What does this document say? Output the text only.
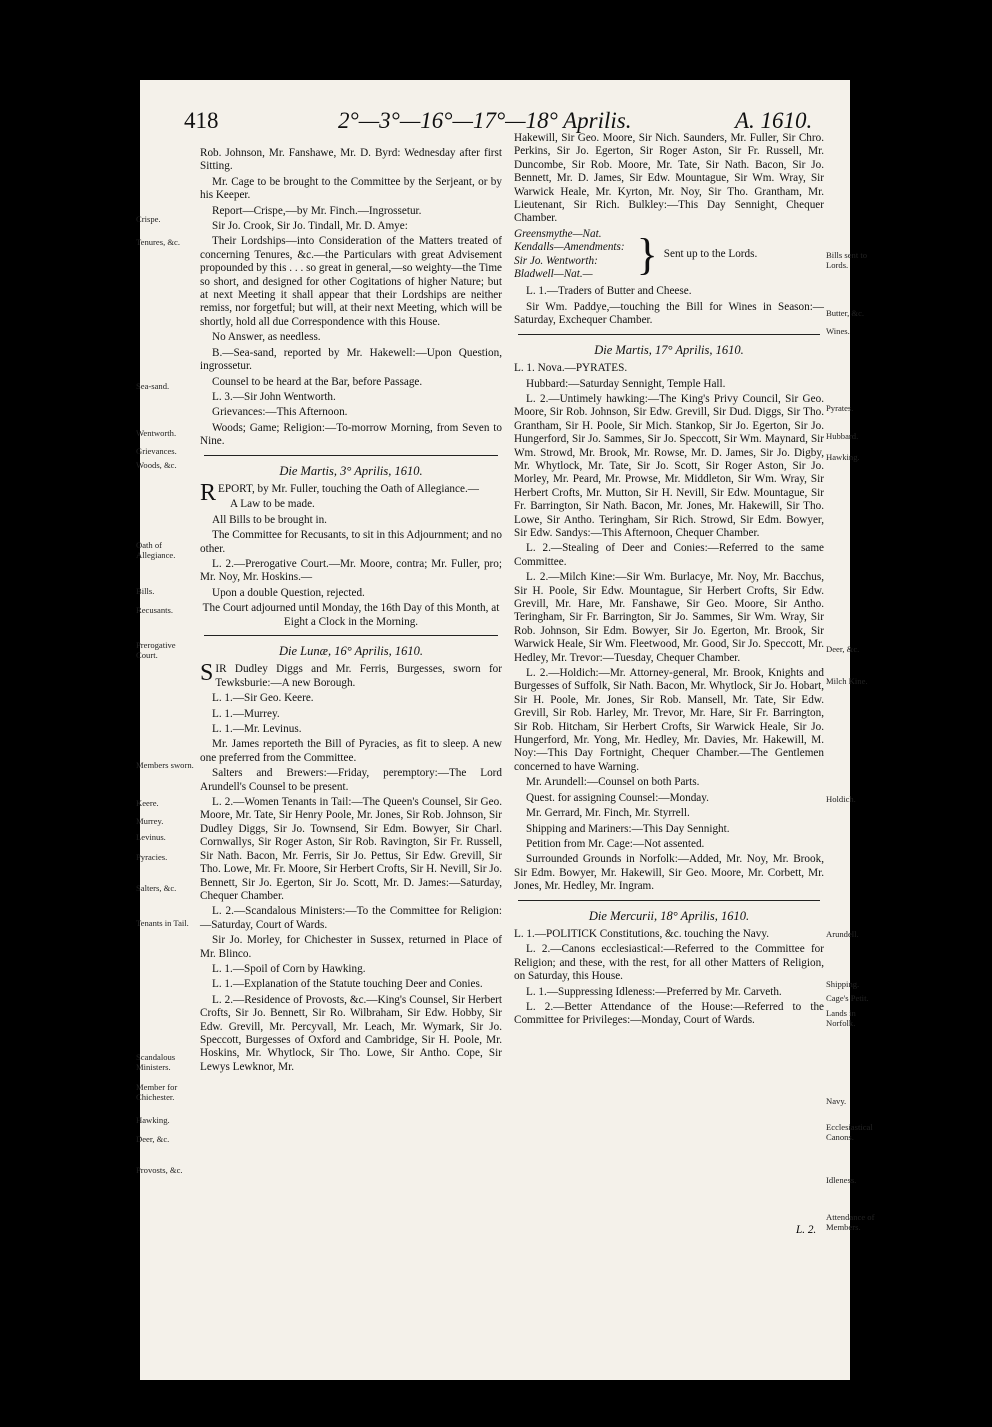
418	2°—3°—16°—17°—18° Aprilis.	A. 1610.
Crispe.
Tenures, &c.
Sea-sand.
Wentworth.
Grievances.
Woods, &c.
Oath of Allegiance.
Bills.
Recusants.
Prerogative Court.
Members sworn.
Keere.
Murrey.
Levinus.
Pyracies.
Salters, &c.
Tenants in Tail.
Scandalous Ministers.
Member for Chichester.
Hawking.
Deer, &c.
Provosts, &c.
Bills sent to Lords.
Butter, &c.
Wines.
Pyrates.
Hubbard.
Hawking.
Deer, &c.
Milch Kine.
Holdich.
Arundell.
Shipping.
Cage's Petit.
Lands in Norfolk.
Navy.
Ecclesiastical Canons.
Idleness.
Attendance of Members.

Rob. Johnson, Mr. Fanshawe, Mr. D. Byrd: Wednesday after first Sitting.

Mr. Cage to be brought to the Committee by the Serjeant, or by his Keeper.

Report—Crispe,—by Mr. Finch.—Ingrossetur.

Sir Jo. Crook, Sir Jo. Tindall, Mr. D. Amye:

Their Lordships—into Consideration of the Matters treated of concerning Tenures, &c.—the Particulars with great Advisement propounded by this . . . so great in general,—so weighty—the Time so short, and designed for other Cogitations of higher Nature; but at next Meeting it shall appear that their Lordships are neither remiss, nor forgetful; but will, at their next Meeting, which will be shortly, hold all due Correspondence with this House.

No Answer, as needless.

B.—Sea-sand, reported by Mr. Hakewell:—Upon Question, ingrossetur.

Counsel to be heard at the Bar, before Passage.

L. 3.—Sir John Wentworth.

Grievances:—This Afternoon.

Woods; Game; Religion:—To-morrow Morning, from Seven to Nine.

Die Martis, 3° Aprilis, 1610.

REPORT, by Mr. Fuller, touching the Oath of Allegiance.—

A Law to be made.

All Bills to be brought in.

The Committee for Recusants, to sit in this Adjournment; and no other.

L. 2.—Prerogative Court.—Mr. Moore, contra; Mr. Fuller, pro; Mr. Noy, Mr. Hoskins.—

Upon a double Question, rejected.

The Court adjourned until Monday, the 16th Day of this Month, at Eight a Clock in the Morning.

Die Lunæ, 16° Aprilis, 1610.

SIR Dudley Diggs and Mr. Ferris, Burgesses, sworn for Tewksburie:—A new Borough.

L. 1.—Sir Geo. Keere.

L. 1.—Murrey.

L. 1.—Mr. Levinus.

Mr. James reporteth the Bill of Pyracies, as fit to sleep. A new one preferred from the Committee.

Salters and Brewers:—Friday, peremptory:—The Lord Arundell's Counsel to be present.

L. 2.—Women Tenants in Tail:—The Queen's Counsel, Sir Geo. Moore, Mr. Tate, Sir Henry Poole, Mr. Jones, Sir Rob. Johnson, Sir Dudley Diggs, Sir Jo. Townsend, Sir Edm. Bowyer, Sir Charl. Cornwallys, Sir Roger Aston, Sir Rob. Ravington, Sir Fr. Russell, Sir Nath. Bacon, Mr. Ferris, Sir Jo. Pettus, Sir Edw. Grevill, Sir Tho. Lowe, Mr. Fr. Moore, Sir Herbert Crofts, Sir H. Nevill, Sir Jo. Bennett, Sir Jo. Egerton, Sir Jo. Scott, Mr. D. James:—Saturday, Chequer Chamber.

L. 2.—Scandalous Ministers:—To the Committee for Religion:—Saturday, Court of Wards.

Sir Jo. Morley, for Chichester in Sussex, returned in Place of Mr. Blinco.

L. 1.—Spoil of Corn by Hawking.

L. 1.—Explanation of the Statute touching Deer and Conies.

L. 2.—Residence of Provosts, &c.—King's Counsel, Sir Herbert Crofts, Sir Jo. Bennett, Sir Ro. Wilbraham, Sir Edw. Hobby, Sir Edw. Grevill, Mr. Percyvall, Mr. Leach, Mr. Wymark, Sir Jo. Speccott, Burgesses of Oxford and Cambridge, Sir H. Poole, Mr. Hoskins, Mr. Whytlock, Sir Tho. Lowe, Sir Antho. Cope, Sir Lewys Lewknor, Mr.

Hakewill, Sir Geo. Moore, Sir Nich. Saunders, Mr. Fuller, Sir Chro. Perkins, Sir Jo. Egerton, Sir Roger Aston, Sir Fr. Russell, Mr. Duncombe, Sir Rob. Moore, Mr. Tate, Sir Nath. Bacon, Sir Jo. Bennett, Mr. D. James, Sir Edw. Mountague, Sir Wm. Wray, Sir Warwick Heale, Mr. Kyrton, Mr. Noy, Sir Tho. Grantham, Mr. Lieutenant, Sir Rich. Bulkley:—This Day Sennight, Chequer Chamber.

Greensmythe—Nat.
Kendalls—Amendments:
Sir Jo. Wentworth:
Bladwell—Nat.— } Sent up to the Lords.

L. 1.—Traders of Butter and Cheese.

Sir Wm. Paddye,—touching the Bill for Wines in Season:—Saturday, Exchequer Chamber.

Die Martis, 17° Aprilis, 1610.

L. 1. Nova.—PYRATES.

Hubbard:—Saturday Sennight, Temple Hall.

L. 2.—Untimely hawking:—The King's Privy Council, Sir Geo. Moore, Sir Rob. Johnson, Sir Edw. Grevill, Sir Dud. Diggs, Sir Tho. Grantham, Sir H. Poole, Sir Mich. Stankop, Sir Jo. Egerton, Sir Jo. Hungerford, Sir Jo. Sammes, Sir Jo. Speccott, Sir Wm. Maynard, Sir Wm. Strowd, Mr. Brook, Mr. Rowse, Mr. D. James, Sir Jo. Digby, Mr. Whytlock, Mr. Tate, Sir Jo. Scott, Sir Roger Aston, Sir Jo. Morley, Mr. Peard, Mr. Prowse, Mr. Middleton, Sir Wm. Wray, Sir Herbert Crofts, Mr. Mutton, Sir H. Nevill, Sir Edw. Mountague, Sir Fr. Barrington, Sir Nath. Bacon, Mr. Jones, Mr. Hakewill, Sir Tho. Lowe, Sir Antho. Teringham, Sir Rich. Strowd, Sir Edm. Bowyer, Sir Edw. Sandys:—This Afternoon, Chequer Chamber.

L. 2.—Stealing of Deer and Conies:—Referred to the same Committee.

L. 2.—Milch Kine:—Sir Wm. Burlacye, Mr. Noy, Mr. Bacchus, Sir H. Poole, Sir Edw. Mountague, Sir Herbert Crofts, Sir Edw. Grevill, Mr. Hare, Mr. Fanshawe, Sir Geo. Moore, Sir Antho. Teringham, Sir Fr. Barrington, Sir Jo. Sammes, Sir Wm. Wray, Sir Rob. Johnson, Sir Edm. Bowyer, Sir Jo. Egerton, Mr. Brook, Sir Warwick Heale, Sir Wm. Fleetwood, Mr. Good, Sir Jo. Speccott, Mr. Hedley, Mr. Trevor:—Tuesday, Chequer Chamber.

L. 2.—Holdich:—Mr. Attorney-general, Mr. Brook, Knights and Burgesses of Suffolk, Sir Nath. Bacon, Mr. Whytlock, Sir Jo. Hobart, Sir H. Poole, Mr. Jones, Sir Rob. Mansell, Mr. Tate, Sir Edw. Grevill, Sir Rob. Harley, Mr. Trevor, Mr. Hare, Sir Fr. Barrington, Sir Rob. Hitcham, Sir Herbert Crofts, Sir Warwick Heale, Sir Jo. Hungerford, Mr. Yong, Mr. Hedley, Mr. Davies, Mr. Hakewill, M. Noy:—This Day Fortnight, Chequer Chamber.—The Gentlemen concerned to have Warning.

Mr. Arundell:—Counsel on both Parts.

Quest. for assigning Counsel:—Monday.

Mr. Gerrard, Mr. Finch, Mr. Styrrell.

Shipping and Mariners:—This Day Sennight.

Petition from Mr. Cage:—Not assented.

Surrounded Grounds in Norfolk:—Added, Mr. Noy, Mr. Brook, Sir Edm. Bowyer, Mr. Hakewill, Sir Geo. Moore, Mr. Corbett, Mr. Jones, Mr. Hedley, Mr. Ingram.

Die Mercurii, 18° Aprilis, 1610.

L. 1.—POLITICK Constitutions, &c. touching the Navy.

L. 2.—Canons ecclesiastical:—Referred to the Committee for Religion; and these, with the rest, for all other Matters of Religion, on Saturday, this House.

L. 1.—Suppressing Idleness:—Preferred by Mr. Carveth.

L. 2.—Better Attendance of the House:—Referred to the Committee for Privileges:—Monday, Court of Wards.

L. 2.
